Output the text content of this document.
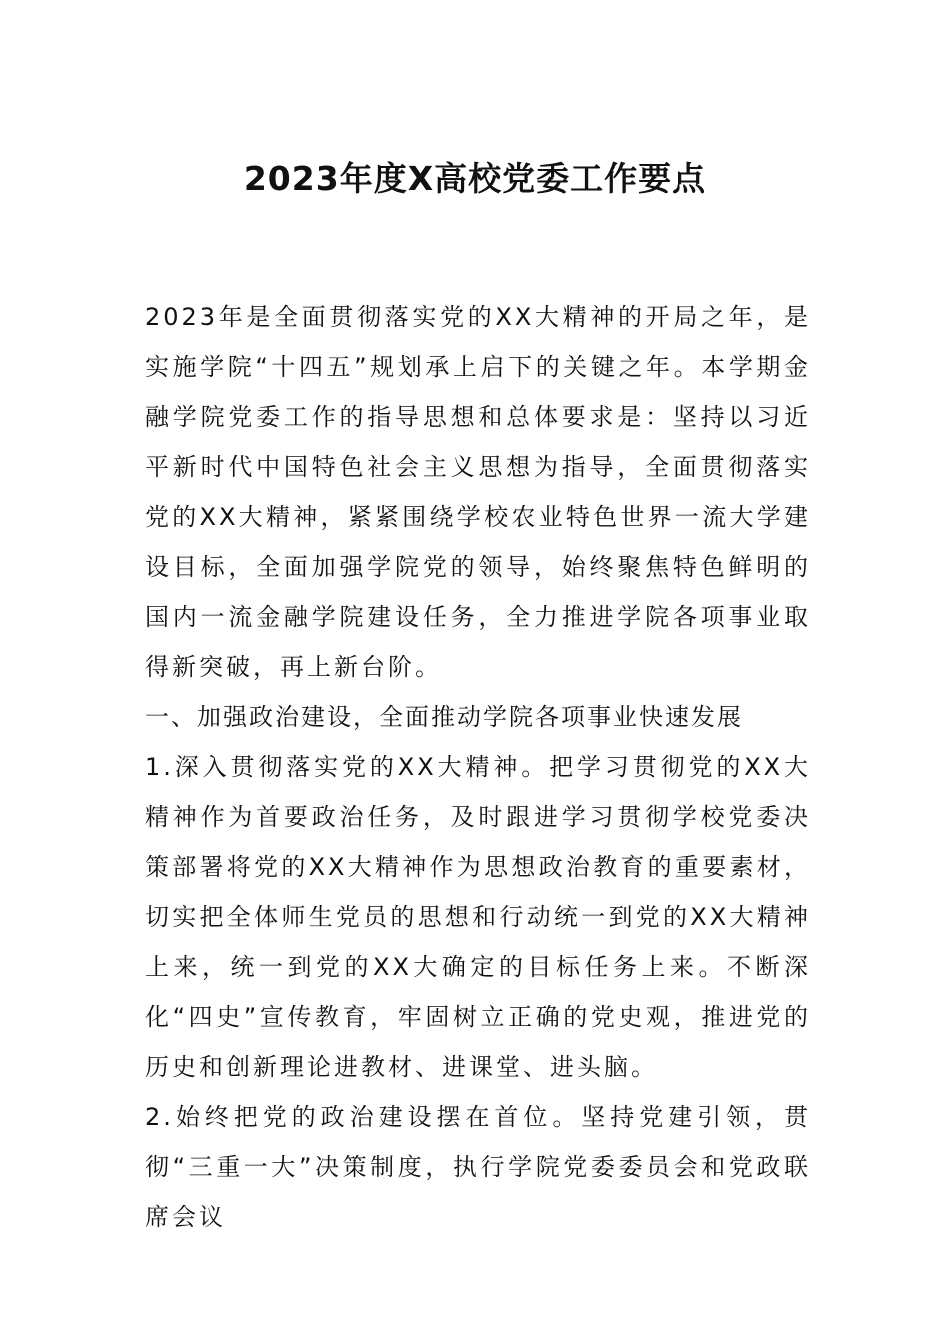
2023年度X高校党委工作要点

2023年是全面贯彻落实党的XX大精神的开局之年，是实施学院“十四五”规划承上启下的关键之年。本学期金融学院党委工作的指导思想和总体要求是：坚持以习近平新时代中国特色社会主义思想为指导，全面贯彻落实党的XX大精神，紧紧围绕学校农业特色世界一流大学建设目标，全面加强学院党的领导，始终聚焦特色鲜明的国内一流金融学院建设任务，全力推进学院各项事业取得新突破，再上新台阶。

一、加强政治建设，全面推动学院各项事业快速发展

1.深入贯彻落实党的XX大精神。把学习贯彻党的XX大精神作为首要政治任务，及时跟进学习贯彻学校党委决策部署将党的XX大精神作为思想政治教育的重要素材，切实把全体师生党员的思想和行动统一到党的XX大精神上来，统一到党的XX大确定的目标任务上来。不断深化“四史”宣传教育，牢固树立正确的党史观，推进党的历史和创新理论进教材、进课堂、进头脑。

2.始终把党的政治建设摆在首位。坚持党建引领，贯彻“三重一大”决策制度，执行学院党委委员会和党政联席会议
